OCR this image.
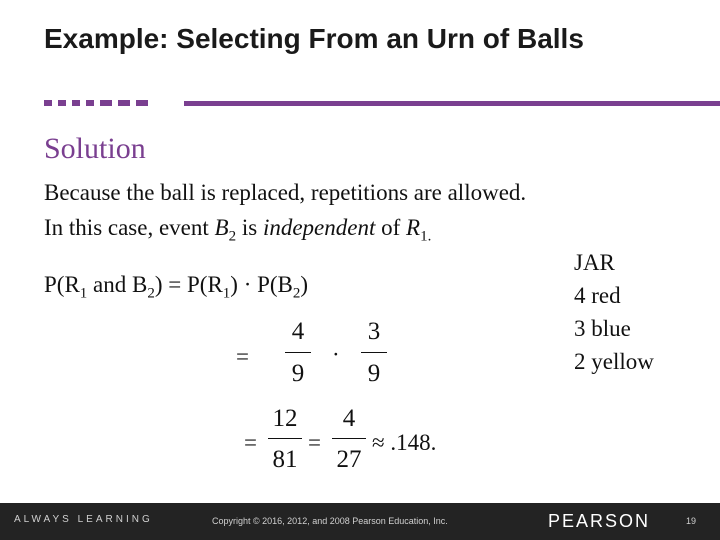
Example: Selecting From an Urn of Balls
Solution
Because the ball is replaced, repetitions are allowed.
In this case, event $B_2$ is independent of $R_{1.}$
JAR
4 red
3 blue
2 yellow
$P(R_1$ and $B_2) = P(R_1) \cdot P(B_2)$
=
4
9
·
3
9
=
12
81
=
4
27
≈ .148.
ALWAYS LEARNING	Copyright © 2016, 2012, and 2008 Pearson Education, Inc.	PEARSON	19
